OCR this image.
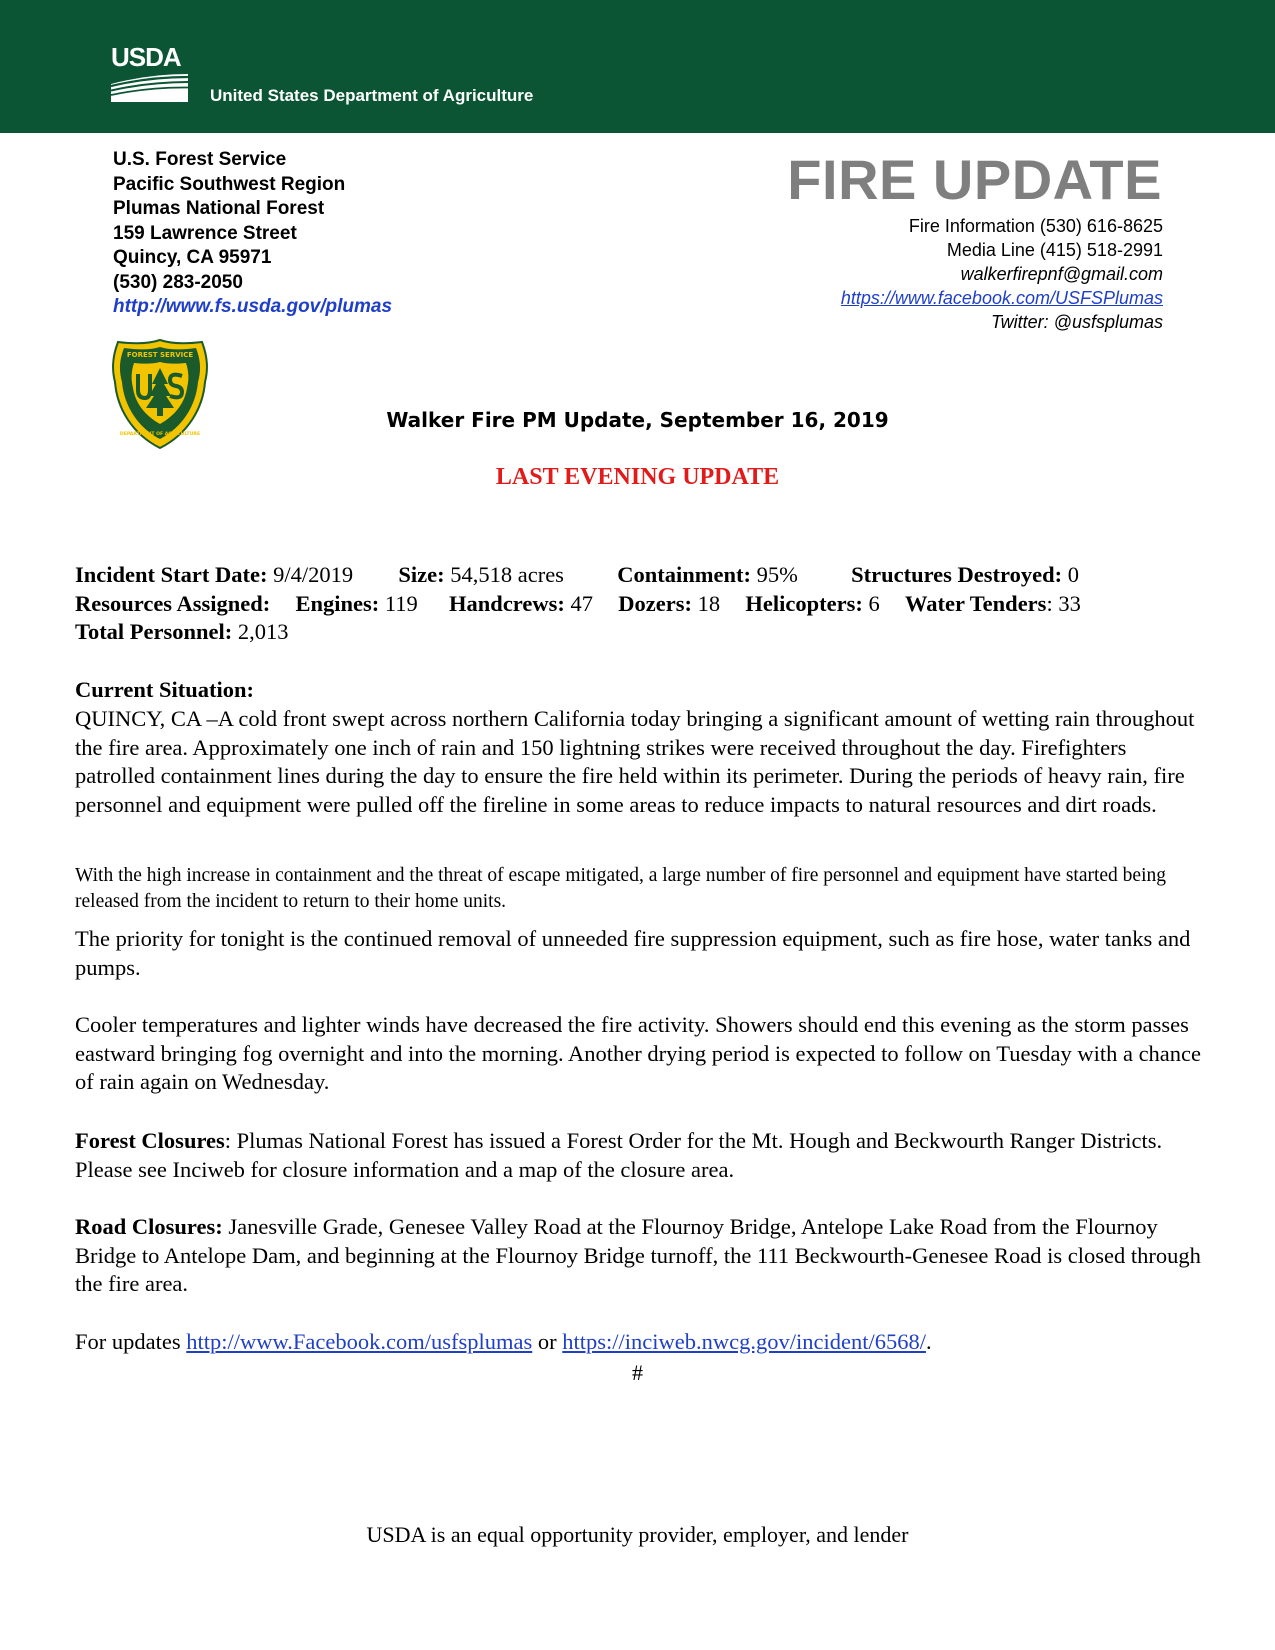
USDA
United States Department of Agriculture
U.S. Forest Service
Pacific Southwest Region
Plumas National Forest
159 Lawrence Street
Quincy, CA 95971
(530) 283-2050
http://www.fs.usda.gov/plumas
FIRE UPDATE
Fire Information (530) 616-8625
Media Line (415) 518-2991
walkerfirepnf@gmail.com
https://www.facebook.com/USFSPlumas
Twitter: @usfsplumas
FOREST SERVICE
DEPARTMENT OF AGRICULTURE
Walker Fire PM Update, September 16, 2019
LAST EVENING UPDATE
Incident Start Date: 9/4/2019 Size: 54,518 acres Containment: 95% Structures Destroyed: 0
Resources Assigned: Engines: 119 Handcrews: 47 Dozers: 18 Helicopters: 6 Water Tenders: 33
Total Personnel: 2,013
Current Situation:
QUINCY, CA –A cold front swept across northern California today bringing a significant amount of wetting rain throughout the fire area. Approximately one inch of rain and 150 lightning strikes were received throughout the day. Firefighters patrolled containment lines during the day to ensure the fire held within its perimeter. During the periods of heavy rain, fire personnel and equipment were pulled off the fireline in some areas to reduce impacts to natural resources and dirt roads.
With the high increase in containment and the threat of escape mitigated, a large number of fire personnel and equipment have started being released from the incident to return to their home units.
The priority for tonight is the continued removal of unneeded fire suppression equipment, such as fire hose, water tanks and pumps.
Cooler temperatures and lighter winds have decreased the fire activity. Showers should end this evening as the storm passes eastward bringing fog overnight and into the morning. Another drying period is expected to follow on Tuesday with a chance of rain again on Wednesday.
Forest Closures: Plumas National Forest has issued a Forest Order for the Mt. Hough and Beckwourth Ranger Districts. Please see Inciweb for closure information and a map of the closure area.
Road Closures: Janesville Grade, Genesee Valley Road at the Flournoy Bridge, Antelope Lake Road from the Flournoy Bridge to Antelope Dam, and beginning at the Flournoy Bridge turnoff, the 111 Beckwourth-Genesee Road is closed through the fire area.
For updates http://www.Facebook.com/usfsplumas or https://inciweb.nwcg.gov/incident/6568/.
#
USDA is an equal opportunity provider, employer, and lender
